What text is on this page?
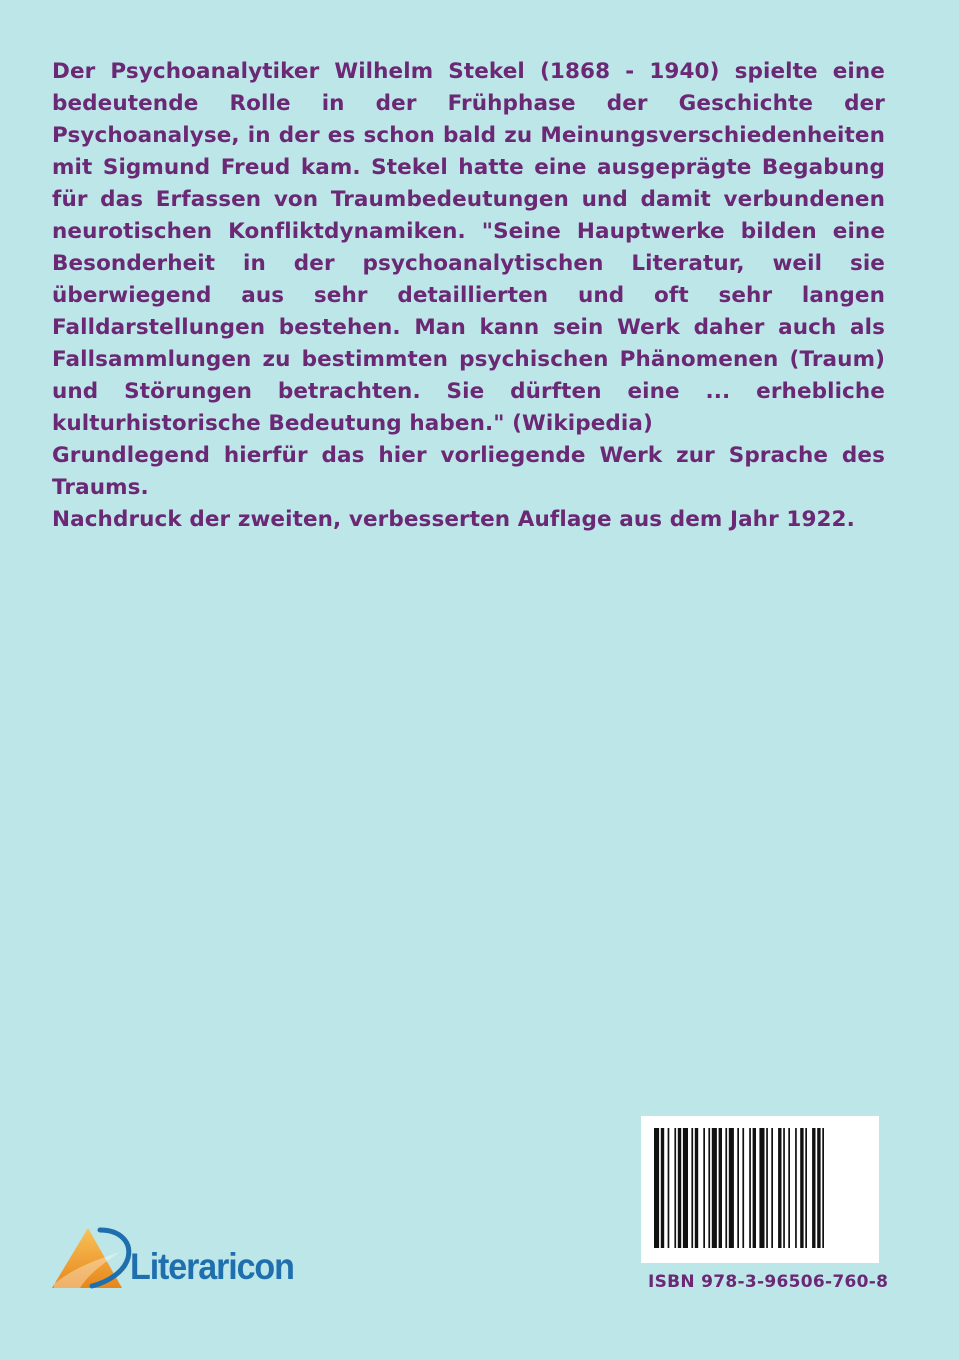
Der Psychoanalytiker Wilhelm Stekel (1868 - 1940) spielte eine bedeutende Rolle in der Frühphase der Geschichte der Psychoanalyse, in der es schon bald zu Meinungsverschiedenheiten mit Sigmund Freud kam. Stekel hatte eine ausgeprägte Begabung für das Erfassen von Traumbedeutungen und damit verbundenen neurotischen Konfliktdynamiken. "Seine Hauptwerke bilden eine Besonderheit in der psychoanalytischen Literatur, weil sie überwiegend aus sehr detaillierten und oft sehr langen Falldarstellungen bestehen. Man kann sein Werk daher auch als Fallsammlungen zu bestimmten psychischen Phänomenen (Traum) und Störungen betrachten. Sie dürften eine ... erhebliche kulturhistorische Bedeutung haben." (Wikipedia)

Grundlegend hierfür das hier vorliegende Werk zur Sprache des Traums.

Nachdruck der zweiten, verbesserten Auflage aus dem Jahr 1922.

Literaricon	ISBN 978-3-96506-760-8
